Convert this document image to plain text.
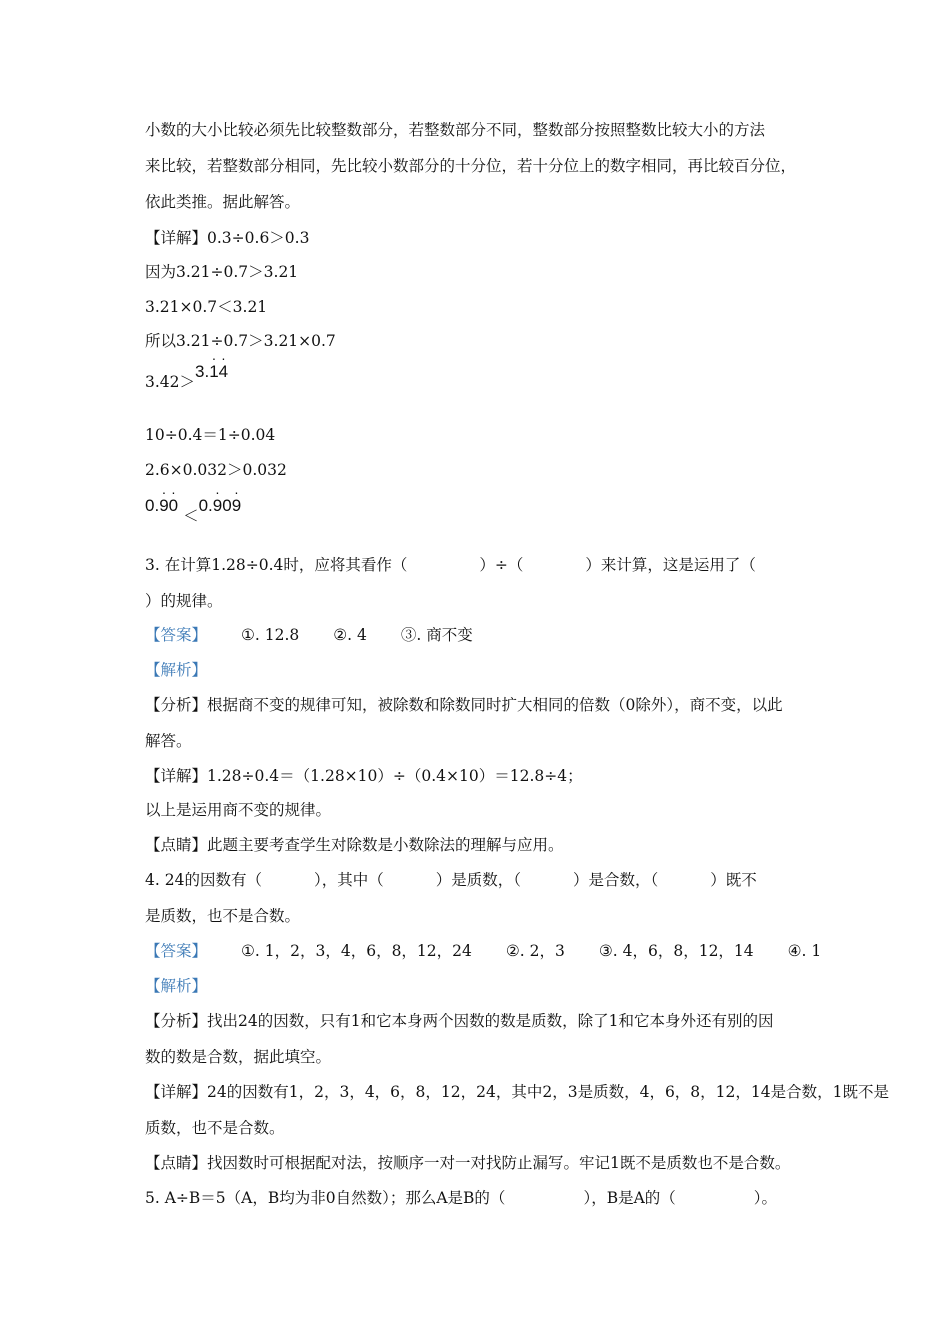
小数的大小比较必须先比较整数部分，若整数部分不同，整数部分按照整数比较大小的方法
来比较，若整数部分相同，先比较小数部分的十分位，若十分位上的数字相同，再比较百分位，
依此类推。据此解答。
【详解】0.3÷0.6＞0.3
因为3.21÷0.7＞3.21
3.21×0.7＜3.21
所以3.21÷0.7＞3.21×0.7
3.42＞3.. 1. 4
10÷0.4＝1÷0.04
2.6×0.032＞0.032
0.. 9. 0 ＜0.. 90. 9
3. 在计算1.28÷0.4时，应将其看作（	）÷（	）来计算，这是运用了（
）的规律。
【答案】 ①. 12.8 ②. 4 ③. 商不变
【解析】
【分析】根据商不变的规律可知，被除数和除数同时扩大相同的倍数（0除外），商不变，以此
解答。
【详解】1.28÷0.4＝（1.28×10）÷（0.4×10）＝12.8÷4；
以上是运用商不变的规律。
【点睛】此题主要考查学生对除数是小数除法的理解与应用。
4. 24的因数有（	），其中（	）是质数，（	）是合数，（	）既不
是质数，也不是合数。
【答案】 ①. 1，2，3，4，6，8，12，24 ②. 2，3 ③. 4，6，8，12，14 ④. 1
【解析】
【分析】找出24的因数，只有1和它本身两个因数的数是质数，除了1和它本身外还有别的因
数的数是合数，据此填空。
【详解】24的因数有1，2，3，4，6，8，12，24，其中2，3是质数，4，6，8，12，14是合数，1既不是
质数，也不是合数。
【点睛】找因数时可根据配对法，按顺序一对一对找防止漏写。牢记1既不是质数也不是合数。
5. A÷B＝5（A，B均为非0自然数）；那么A是B的（	），B是A的（	）。
